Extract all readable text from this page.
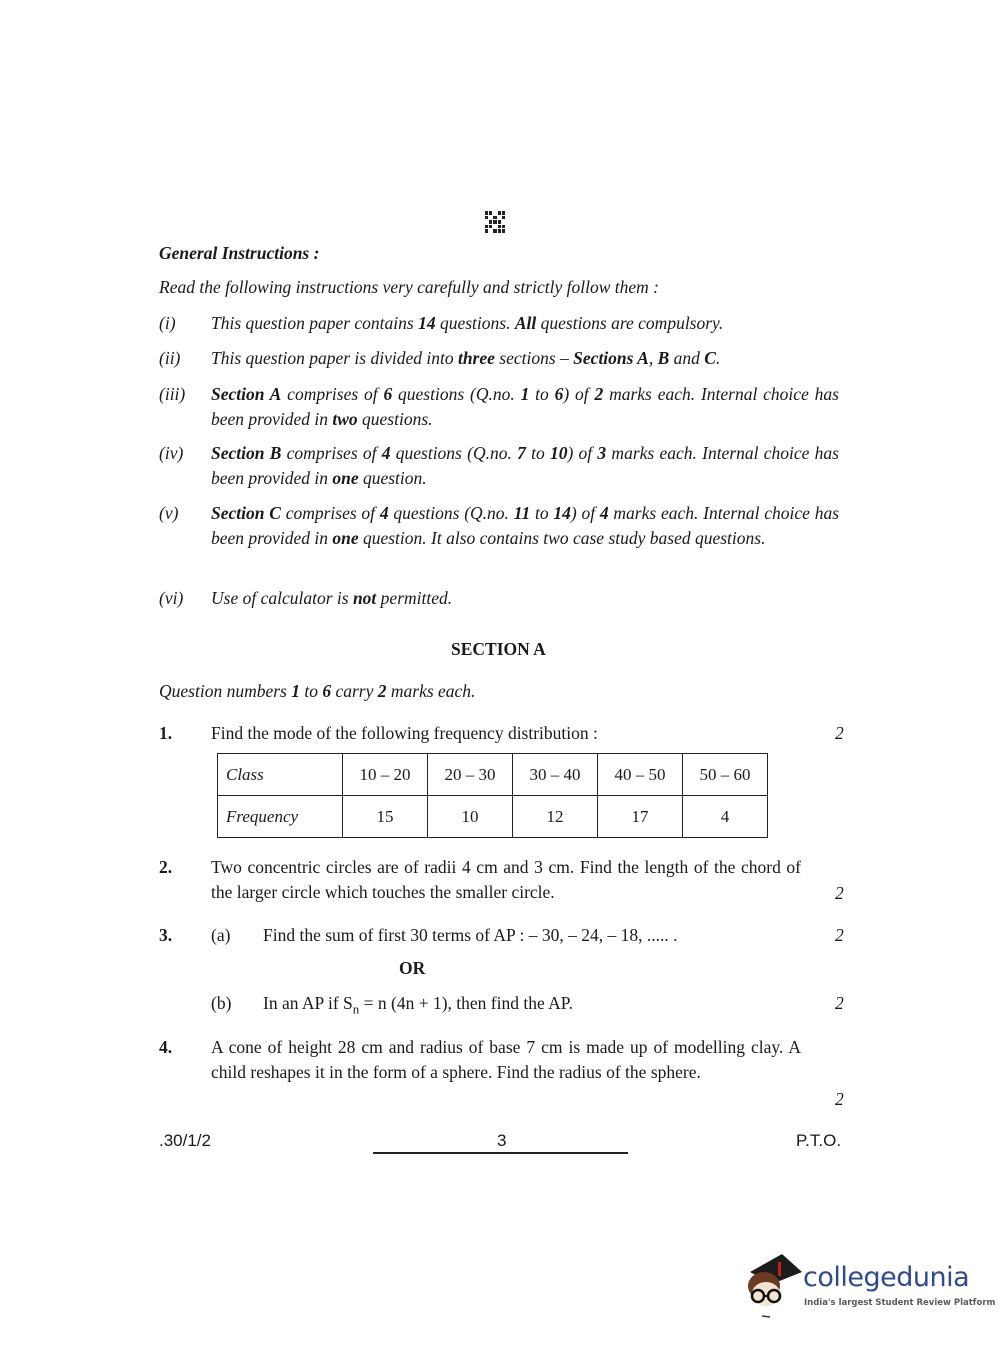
General Instructions :
Read the following instructions very carefully and strictly follow them :
(i) This question paper contains 14 questions. All questions are compulsory.
(ii) This question paper is divided into three sections – Sections A, B and C.
(iii) Section A comprises of 6 questions (Q.no. 1 to 6) of 2 marks each. Internal choice has been provided in two questions.
(iv) Section B comprises of 4 questions (Q.no. 7 to 10) of 3 marks each. Internal choice has been provided in one question.
(v) Section C comprises of 4 questions (Q.no. 11 to 14) of 4 marks each. Internal choice has been provided in one question. It also contains two case study based questions.
(vi) Use of calculator is not permitted.
SECTION A
Question numbers 1 to 6 carry 2 marks each.
1. Find the mode of the following frequency distribution :	2
Class	10 – 20	20 – 30	30 – 40	40 – 50	50 – 60
Frequency	15	10	12	17	4
2. Two concentric circles are of radii 4 cm and 3 cm. Find the length of the chord of the larger circle which touches the smaller circle.	2
3. (a) Find the sum of first 30 terms of AP : – 30, – 24, – 18, ..... .	2
OR
(b) In an AP if $S_n = n$ (4n + 1), then find the AP.	2
4. A cone of height 28 cm and radius of base 7 cm is made up of modelling clay. A child reshapes it in the form of a sphere. Find the radius of the sphere.
2
.30/1/2	3	P.T.O.
collegedunia
India's largest Student Review Platform
